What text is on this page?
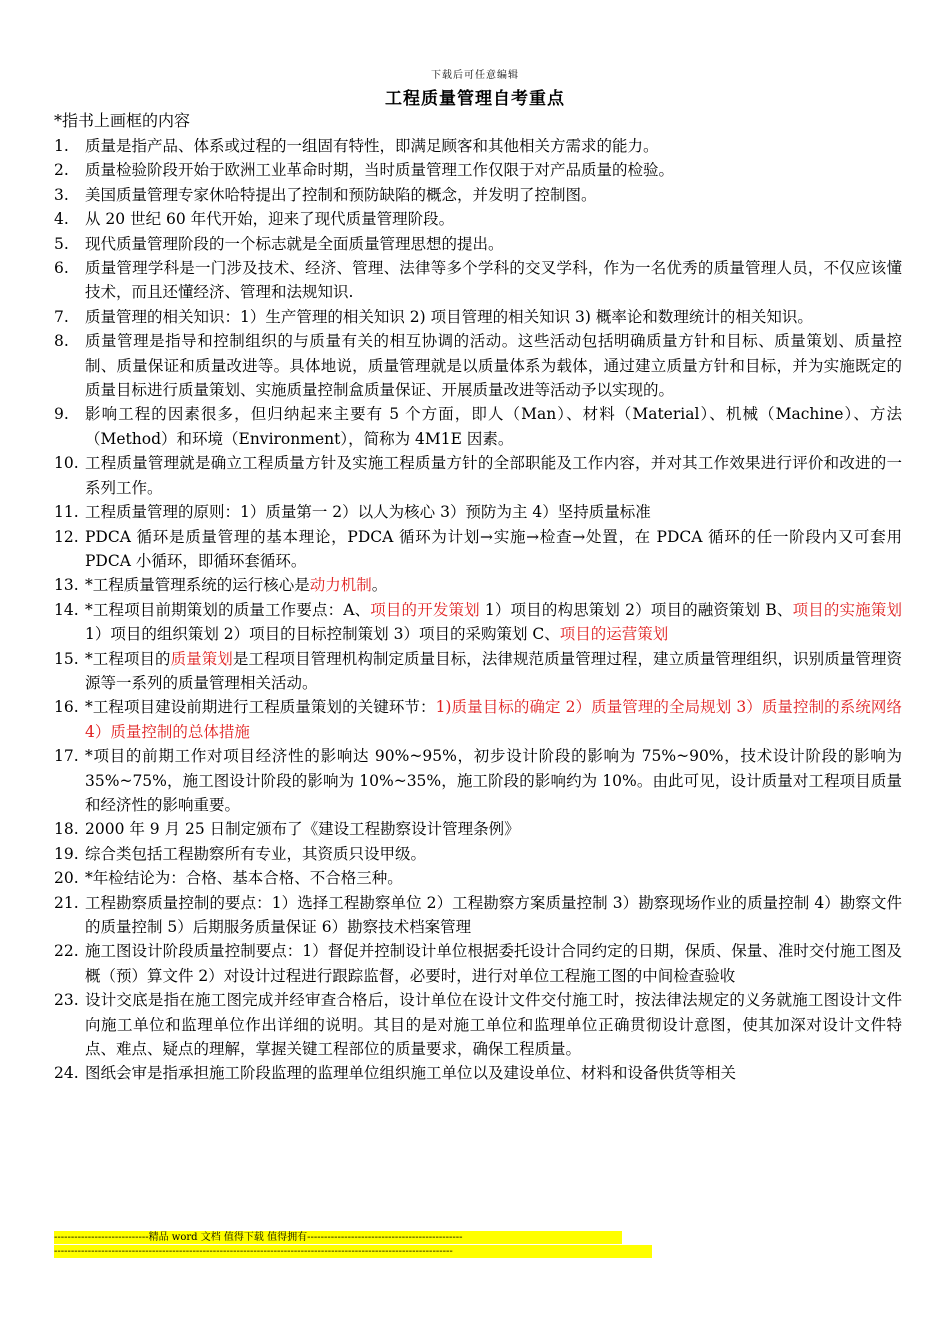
下载后可任意编辑
工程质量管理自考重点
*指书上画框的内容
1. 质量是指产品、体系或过程的一组固有特性，即满足顾客和其他相关方需求的能力。
2. 质量检验阶段开始于欧洲工业革命时期，当时质量管理工作仅限于对产品质量的检验。
3. 美国质量管理专家休哈特提出了控制和预防缺陷的概念，并发明了控制图。
4. 从 20 世纪 60 年代开始，迎来了现代质量管理阶段。
5. 现代质量管理阶段的一个标志就是全面质量管理思想的提出。
6. 质量管理学科是一门涉及技术、经济、管理、法律等多个学科的交叉学科，作为一名优秀的质量管理人员，不仅应该懂技术，而且还懂经济、管理和法规知识.
7. 质量管理的相关知识：1）生产管理的相关知识 2) 项目管理的相关知识 3) 概率论和数理统计的相关知识。
8. 质量管理是指导和控制组织的与质量有关的相互协调的活动。这些活动包括明确质量方针和目标、质量策划、质量控制、质量保证和质量改进等。具体地说，质量管理就是以质量体系为载体，通过建立质量方针和目标，并为实施既定的质量目标进行质量策划、实施质量控制盒质量保证、开展质量改进等活动予以实现的。
9. 影响工程的因素很多，但归纳起来主要有 5 个方面，即人（Man）、材料（Material）、机械（Machine）、方法（Method）和环境（Environment），简称为 4M1E 因素。
10. 工程质量管理就是确立工程质量方针及实施工程质量方针的全部职能及工作内容，并对其工作效果进行评价和改进的一系列工作。
11. 工程质量管理的原则：1）质量第一 2）以人为核心 3）预防为主 4）坚持质量标准
12. PDCA 循环是质量管理的基本理论，PDCA 循环为计划→实施→检查→处置，在 PDCA 循环的任一阶段内又可套用 PDCA 小循环，即循环套循环。
13. *工程质量管理系统的运行核心是动力机制。
14. *工程项目前期策划的质量工作要点：A、项目的开发策划 1）项目的构思策划 2）项目的融资策划 B、项目的实施策划 1）项目的组织策划 2）项目的目标控制策划 3）项目的采购策划 C、项目的运营策划
15. *工程项目的质量策划是工程项目管理机构制定质量目标，法律规范质量管理过程，建立质量管理组织，识别质量管理资源等一系列的质量管理相关活动。
16. *工程项目建设前期进行工程质量策划的关键环节：1)质量目标的确定 2）质量管理的全局规划 3）质量控制的系统网络 4）质量控制的总体措施
17. *项目的前期工作对项目经济性的影响达 90%~95%，初步设计阶段的影响为 75%~90%，技术设计阶段的影响为 35%~75%，施工图设计阶段的影响为 10%~35%，施工阶段的影响约为 10%。由此可见，设计质量对工程项目质量和经济性的影响重要。
18. 2000 年 9 月 25 日制定颁布了《建设工程勘察设计管理条例》
19. 综合类包括工程勘察所有专业，其资质只设甲级。
20. *年检结论为：合格、基本合格、不合格三种。
21. 工程勘察质量控制的要点：1）选择工程勘察单位 2）工程勘察方案质量控制 3）勘察现场作业的质量控制 4）勘察文件的质量控制 5）后期服务质量保证 6）勘察技术档案管理
22. 施工图设计阶段质量控制要点：1）督促并控制设计单位根据委托设计合同约定的日期，保质、保量、准时交付施工图及概（预）算文件 2）对设计过程进行跟踪监督，必要时，进行对单位工程施工图的中间检查验收
23. 设计交底是指在施工图完成并经审查合格后，设计单位在设计文件交付施工时，按法律法规定的义务就施工图设计文件向施工单位和监理单位作出详细的说明。其目的是对施工单位和监理单位正确贯彻设计意图，使其加深对设计文件特点、难点、疑点的理解，掌握关键工程部位的质量要求，确保工程质量。
24. 图纸会审是指承担施工阶段监理的监理单位组织施工单位以及建设单位、材料和设备供货等相关
----------------------------精品 word 文档 值得下载 值得拥有----------------------------------------------
----------------------------------------------------------------------------------------------------------------------
